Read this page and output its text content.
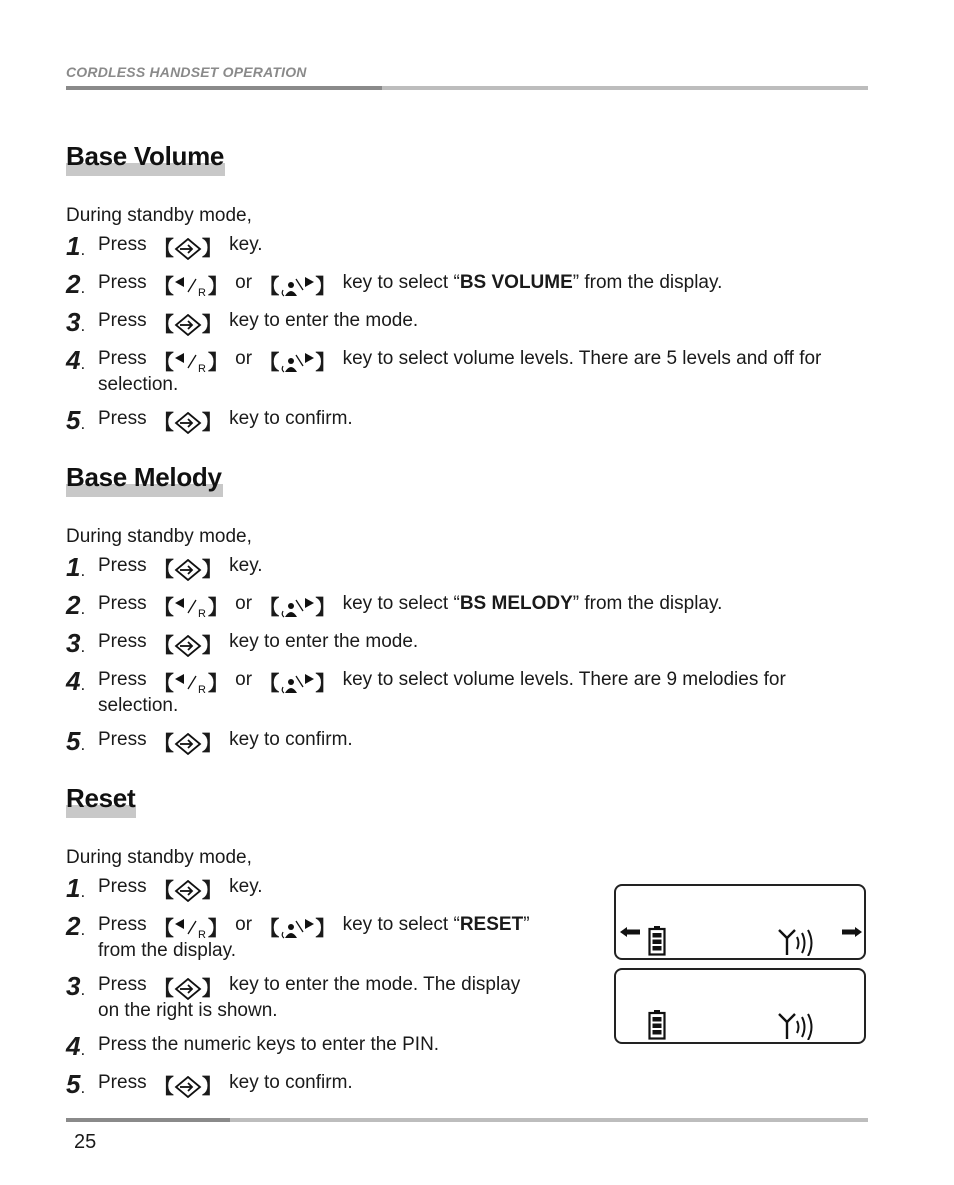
CORDLESS HANDSET OPERATION
Base Volume
During standby mode,
1. Press 【 】 key.
2. Press 【 R 】 or 【 】 key to select “BS VOLUME” from the display.
3. Press 【 】 key to enter the mode.
4. Press 【 R 】 or 【 】 key to select volume levels. There are 5 levels and off for selection.
5. Press 【 】 key to confirm.
Base Melody
During standby mode,
1. Press 【 】 key.
2. Press 【 R 】 or 【 】 key to select “BS MELODY” from the display.
3. Press 【 】 key to enter the mode.
4. Press 【 R 】 or 【 】 key to select volume levels. There are 9 melodies for selection.
5. Press 【 】 key to confirm.
Reset
During standby mode,
1. Press 【 】 key.
2. Press 【 R 】 or 【 】 key to select “RESET” from the display.
3. Press 【 】 key to enter the mode. The display on the right is shown.
4. Press the numeric keys to enter the PIN.
5. Press 【 】 key to confirm.
25
